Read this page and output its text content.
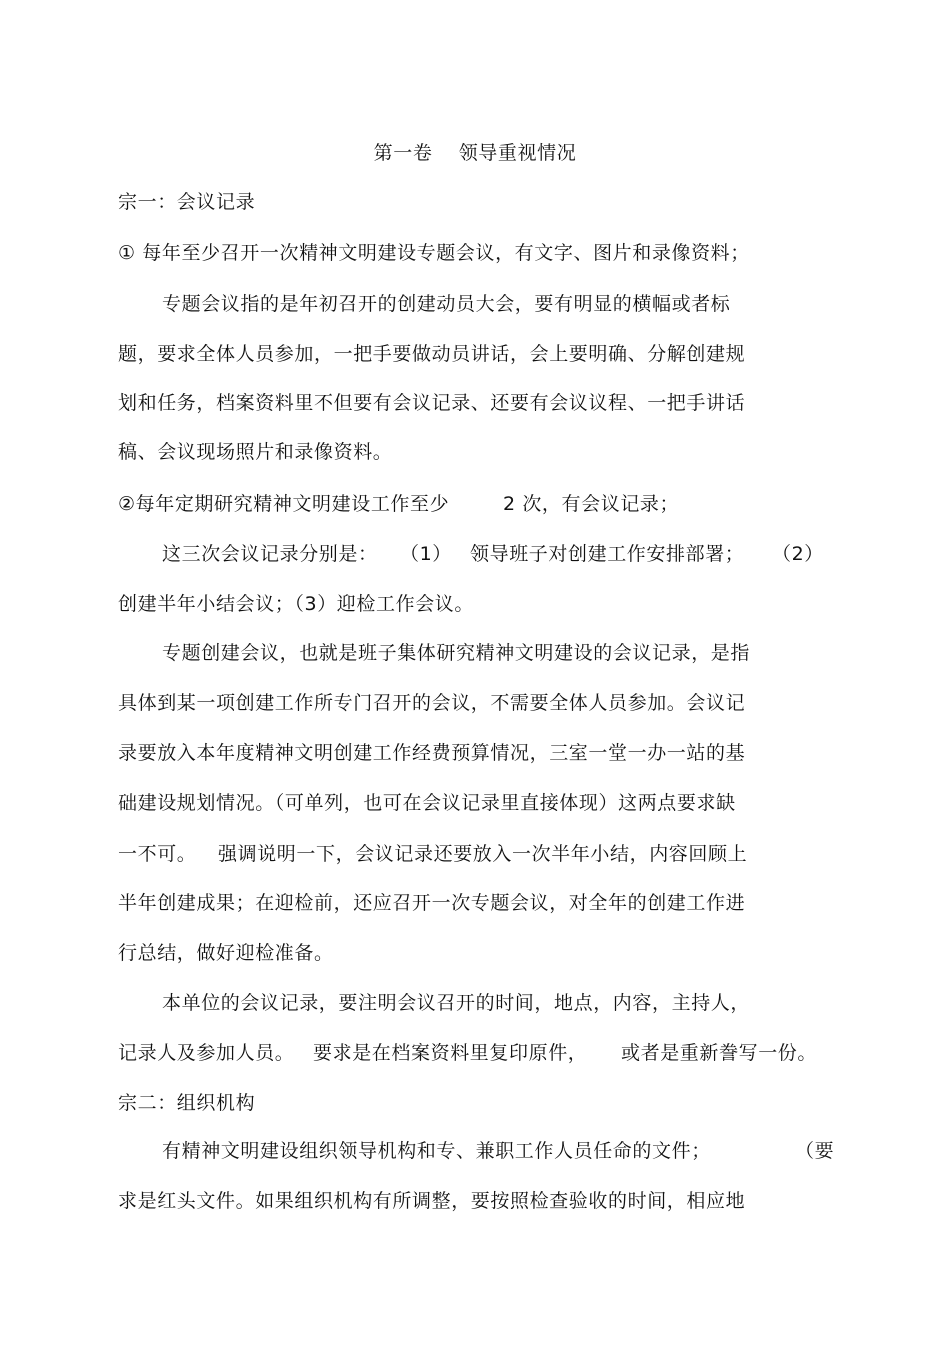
第一卷　 领导重视情况
宗一：会议记录
① 每年至少召开一次精神文明建设专题会议，有文字、图片和录像资料；
专题会议指的是年初召开的创建动员大会，要有明显的横幅或者标
题，要求全体人员参加，一把手要做动员讲话，会上要明确、分解创建规
划和任务，档案资料里不但要有会议记录、还要有会议议程、一把手讲话
稿、会议现场照片和录像资料。
②每年定期研究精神文明建设工作至少	2 次，有会议记录；
这三次会议记录分别是： （1） 领导班子对创建工作安排部署； （2）
创建半年小结会议；（3）迎检工作会议。
专题创建会议，也就是班子集体研究精神文明建设的会议记录，是指
具体到某一项创建工作所专门召开的会议，不需要全体人员参加。会议记
录要放入本年度精神文明创建工作经费预算情况，三室一堂一办一站的基
础建设规划情况。（可单列，也可在会议记录里直接体现）这两点要求缺
一不可。 强调说明一下，会议记录还要放入一次半年小结，内容回顾上
半年创建成果；在迎检前，还应召开一次专题会议，对全年的创建工作进
行总结，做好迎检准备。
本单位的会议记录，要注明会议召开的时间，地点，内容，主持人，
记录人及参加人员。 要求是在档案资料里复印原件， 或者是重新誊写一份。
宗二：组织机构
有精神文明建设组织领导机构和专、兼职工作人员任命的文件；	（要
求是红头文件。如果组织机构有所调整，要按照检查验收的时间，相应地
